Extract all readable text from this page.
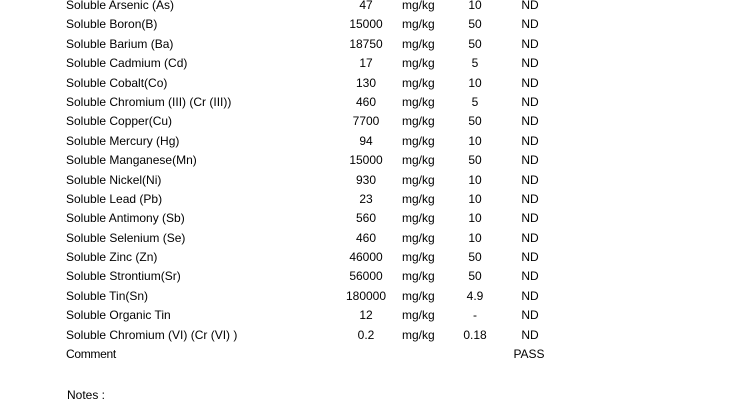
Soluble Arsenic (As)	47	mg/kg	10	ND
Soluble Boron(B)	15000	mg/kg	50	ND
Soluble Barium (Ba)	18750	mg/kg	50	ND
Soluble Cadmium (Cd)	17	mg/kg	5	ND
Soluble Cobalt(Co)	130	mg/kg	10	ND
Soluble Chromium (III) (Cr (III))	460	mg/kg	5	ND
Soluble Copper(Cu)	7700	mg/kg	50	ND
Soluble Mercury (Hg)	94	mg/kg	10	ND
Soluble Manganese(Mn)	15000	mg/kg	50	ND
Soluble Nickel(Ni)	930	mg/kg	10	ND
Soluble Lead (Pb)	23	mg/kg	10	ND
Soluble Antimony (Sb)	560	mg/kg	10	ND
Soluble Selenium (Se)	460	mg/kg	10	ND
Soluble Zinc (Zn)	46000	mg/kg	50	ND
Soluble Strontium(Sr)	56000	mg/kg	50	ND
Soluble Tin(Sn)	180000	mg/kg	4.9	ND
Soluble Organic Tin	12	mg/kg	-	ND
Soluble Chromium (VI) (Cr (VI) )	0.2	mg/kg	0.18	ND
Comment	PASS
Notes :
